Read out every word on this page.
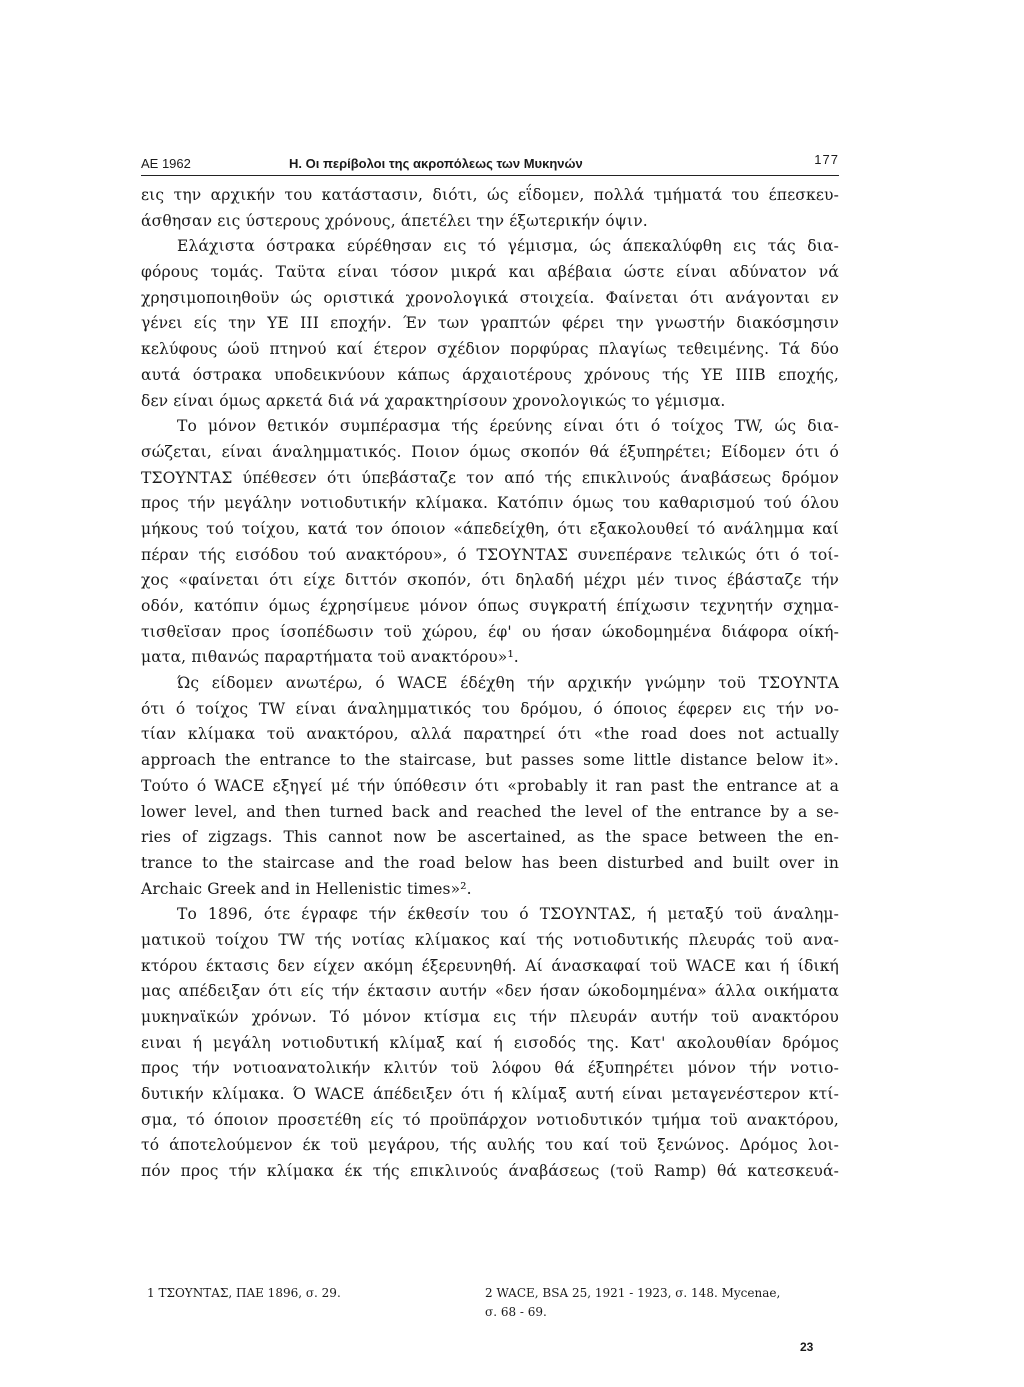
ΑΕ 1962	Η. Οι περίβολοι της ακροπόλεως των Μυκηνών	177
εις την αρχικήν του κατάστασιν, διότι, ώς εΐδομεν, πολλά τμήματά του έπεσκευ-
άσθησαν εις ύστερους χρόνους, άπετέλει την έξωτερικήν όψιν.
Ελάχιστα όστρακα εύρέθησαν εις τό γέμισμα, ώς άπεκαλύφθη εις τάς δια-
φόρους τομάς. Ταϋτα είναι τόσον μικρά και αβέβαια ώστε είναι αδύνατον νά
χρησιμοποιηθοϋν ώς οριστικά χρονολογικά στοιχεία. Φαίνεται ότι ανάγονται εν
γένει είς την ΥΕ III εποχήν. Έν των γραπτών φέρει την γνωστήν διακόσμησιν
κελύφους ώοϋ πτηνού καί έτερον σχέδιον πορφύρας πλαγίως τεθειμένης. Τά δύο
αυτά όστρακα υποδεικνύουν κάπως άρχαιοτέρους χρόνους τής ΥΕ ΙΙΙΒ εποχής,
δεν είναι όμως αρκετά διά νά χαρακτηρίσουν χρονολογικώς το γέμισμα.
Το μόνον θετικόν συμπέρασμα τής έρεύνης είναι ότι ό τοίχος TW, ώς δια-
σώζεται, είναι άναλημματικός. Ποιον όμως σκοπόν θά έξυπηρέτει; Είδομεν ότι ό
ΤΣΟΥΝΤΑΣ ύπέθεσεν ότι ύπεβάσταζε τον από τής επικλινούς άναβάσεως δρόμον
προς τήν μεγάλην νοτιοδυτικήν κλίμακα. Κατόπιν όμως του καθαρισμού τού όλου
μήκους τού τοίχου, κατά τον όποιον «άπεδείχθη, ότι εξακολουθεί τό ανάλημμα καί
πέραν τής εισόδου τού ανακτόρου», ό ΤΣΟΥΝΤΑΣ συνεπέρανε τελικώς ότι ό τοί-
χος «φαίνεται ότι είχε διττόν σκοπόν, ότι δηλαδή μέχρι μέν τινος έβάσταζε τήν
οδόν, κατόπιν όμως έχρησίμευε μόνον όπως συγκρατή έπίχωσιν τεχνητήν σχημα-
τισθεϊσαν προς ίσοπέδωσιν τοϋ χώρου, έφ' ου ήσαν ώκοδομημένα διάφορα οίκή-
ματα, πιθανώς παραρτήματα τοϋ ανακτόρου»¹.
Ώς είδομεν ανωτέρω, ό WACE έδέχθη τήν αρχικήν γνώμην τοϋ ΤΣΟΥΝΤΑ
ότι ό τοίχος TW είναι άναλημματικός του δρόμου, ό όποιος έφερεν εις τήν νο-
τίαν κλίμακα τοϋ ανακτόρου, αλλά παρατηρεί ότι «the road does not actually
approach the entrance to the staircase, but passes some little distance below it».
Τούτο ό WACE εξηγεί μέ τήν ύπόθεσιν ότι «probably it ran past the entrance at a
lower level, and then turned back and reached the level of the entrance by a se-
ries of zigzags. This cannot now be ascertained, as the space between the en-
trance to the staircase and the road below has been disturbed and built over in
Archaic Greek and in Hellenistic times»².
Το 1896, ότε έγραφε τήν έκθεσίν του ό ΤΣΟΥΝΤΑΣ, ή μεταξύ τοϋ άναλημ-
ματικοϋ τοίχου TW τής νοτίας κλίμακος καί τής νοτιοδυτικής πλευράς τοϋ ανα-
κτόρου έκτασις δεν είχεν ακόμη έξερευνηθή. Αί άνασκαφαί τοϋ WACE και ή ίδική
μας απέδειξαν ότι είς τήν έκτασιν αυτήν «δεν ήσαν ώκοδομημένα» άλλα οικήματα
μυκηναϊκών χρόνων. Τό μόνον κτίσμα εις τήν πλευράν αυτήν τοϋ ανακτόρου
ειναι ή μεγάλη νοτιοδυτική κλίμαξ καί ή εισοδός της. Κατ' ακολουθίαν δρόμος
προς τήν νοτιοανατολικήν κλιτύν τοϋ λόφου θά έξυπηρέτει μόνον τήν νοτιο-
δυτικήν κλίμακα. Ό WACE άπέδειξεν ότι ή κλίμαξ αυτή είναι μεταγενέστερον κτί-
σμα, τό όποιον προσετέθη είς τό προϋπάρχον νοτιοδυτικόν τμήμα τοϋ ανακτόρου,
τό άποτελούμενον έκ τοϋ μεγάρου, τής αυλής του καί τοϋ ξενώνος. Δρόμος λοι-
πόν προς τήν κλίμακα έκ τής επικλινούς άναβάσεως (τοϋ Ramp) θά κατεσκευά-
1 ΤΣΟΥΝΤΑΣ, ΠΑΕ 1896, σ. 29.	2 WACE, BSA 25, 1921 - 1923, σ. 148. Mycenae,
σ. 68 - 69.
23
